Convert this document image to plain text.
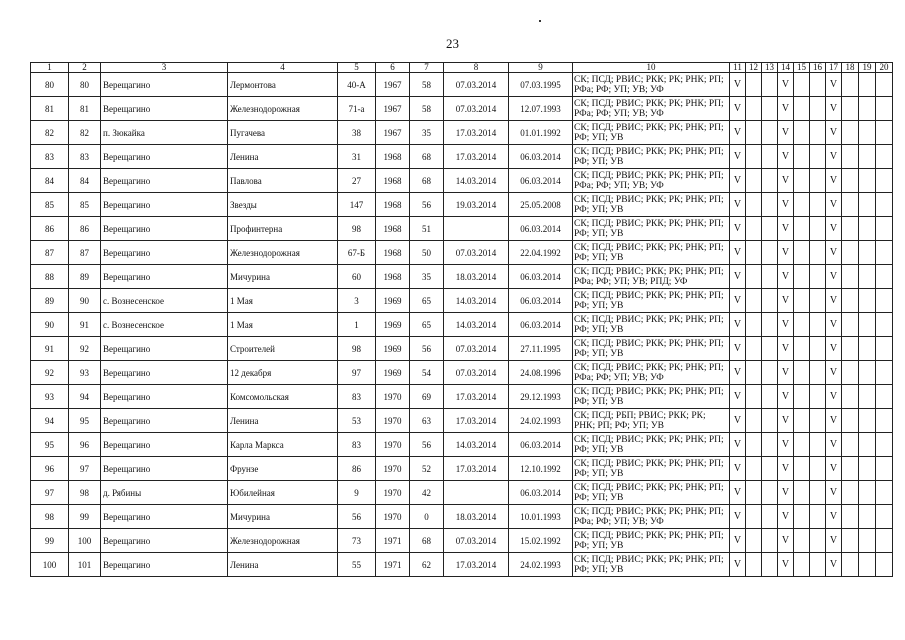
23
1	2	3	4	5	6	7	8	9	10	11	12	13	14	15	16	17	18	19	20
80	80	Верещагино	Лермонтова	40-А	1967	58	07.03.2014	07.03.1995	СК; ПСД; РВИС; РКК; РК; РНК; РП; РФа; РФ; УП; УВ; УФ	V			V			V			
81	81	Верещагино	Железнодорожная	71-а	1967	58	07.03.2014	12.07.1993	СК; ПСД; РВИС; РКК; РК; РНК; РП; РФа; РФ; УП; УВ; УФ	V			V			V			
82	82	п. Зюкайка	Пугачева	38	1967	35	17.03.2014	01.01.1992	СК; ПСД; РВИС; РКК; РК; РНК; РП; РФ; УП; УВ	V			V			V			
83	83	Верещагино	Ленина	31	1968	68	17.03.2014	06.03.2014	СК; ПСД; РВИС; РКК; РК; РНК; РП; РФ; УП; УВ	V			V			V			
84	84	Верещагино	Павлова	27	1968	68	14.03.2014	06.03.2014	СК; ПСД; РВИС; РКК; РК; РНК; РП; РФа; РФ; УП; УВ; УФ	V			V			V			
85	85	Верещагино	Звезды	147	1968	56	19.03.2014	25.05.2008	СК; ПСД; РВИС; РКК; РК; РНК; РП; РФ; УП; УВ	V			V			V			
86	86	Верещагино	Профинтерна	98	1968	51		06.03.2014	СК; ПСД; РВИС; РКК; РК; РНК; РП; РФ; УП; УВ	V			V			V			
87	87	Верещагино	Железнодорожная	67-Б	1968	50	07.03.2014	22.04.1992	СК; ПСД; РВИС; РКК; РК; РНК; РП; РФ; УП; УВ	V			V			V			
88	89	Верещагино	Мичурина	60	1968	35	18.03.2014	06.03.2014	СК; ПСД; РВИС; РКК; РК; РНК; РП; РФа; РФ; УП; УВ; РПД; УФ	V			V			V			
89	90	с. Вознесенское	1 Мая	3	1969	65	14.03.2014	06.03.2014	СК; ПСД; РВИС; РКК; РК; РНК; РП; РФ; УП; УВ	V			V			V			
90	91	с. Вознесенское	1 Мая	1	1969	65	14.03.2014	06.03.2014	СК; ПСД; РВИС; РКК; РК; РНК; РП; РФ; УП; УВ	V			V			V			
91	92	Верещагино	Строителей	98	1969	56	07.03.2014	27.11.1995	СК; ПСД; РВИС; РКК; РК; РНК; РП; РФ; УП; УВ	V			V			V			
92	93	Верещагино	12 декабря	97	1969	54	07.03.2014	24.08.1996	СК; ПСД; РВИС; РКК; РК; РНК; РП; РФа; РФ; УП; УВ; УФ	V			V			V			
93	94	Верещагино	Комсомольская	83	1970	69	17.03.2014	29.12.1993	СК; ПСД; РВИС; РКК; РК; РНК; РП; РФ; УП; УВ	V			V			V			
94	95	Верещагино	Ленина	53	1970	63	17.03.2014	24.02.1993	СК; ПСД; РБП; РВИС; РКК; РК; РНК; РП; РФ; УП; УВ	V			V			V			
95	96	Верещагино	Карла Маркса	83	1970	56	14.03.2014	06.03.2014	СК; ПСД; РВИС; РКК; РК; РНК; РП; РФ; УП; УВ	V			V			V			
96	97	Верещагино	Фрунзе	86	1970	52	17.03.2014	12.10.1992	СК; ПСД; РВИС; РКК; РК; РНК; РП; РФ; УП; УВ	V			V			V			
97	98	д. Рябины	Юбилейная	9	1970	42		06.03.2014	СК; ПСД; РВИС; РКК; РК; РНК; РП; РФ; УП; УВ	V			V			V			
98	99	Верещагино	Мичурина	56	1970	0	18.03.2014	10.01.1993	СК; ПСД; РВИС; РКК; РК; РНК; РП; РФа; РФ; УП; УВ; УФ	V			V			V			
99	100	Верещагино	Железнодорожная	73	1971	68	07.03.2014	15.02.1992	СК; ПСД; РВИС; РКК; РК; РНК; РП; РФ; УП; УВ	V			V			V			
100	101	Верещагино	Ленина	55	1971	62	17.03.2014	24.02.1993	СК; ПСД; РВИС; РКК; РК; РНК; РП; РФ; УП; УВ	V			V			V			
